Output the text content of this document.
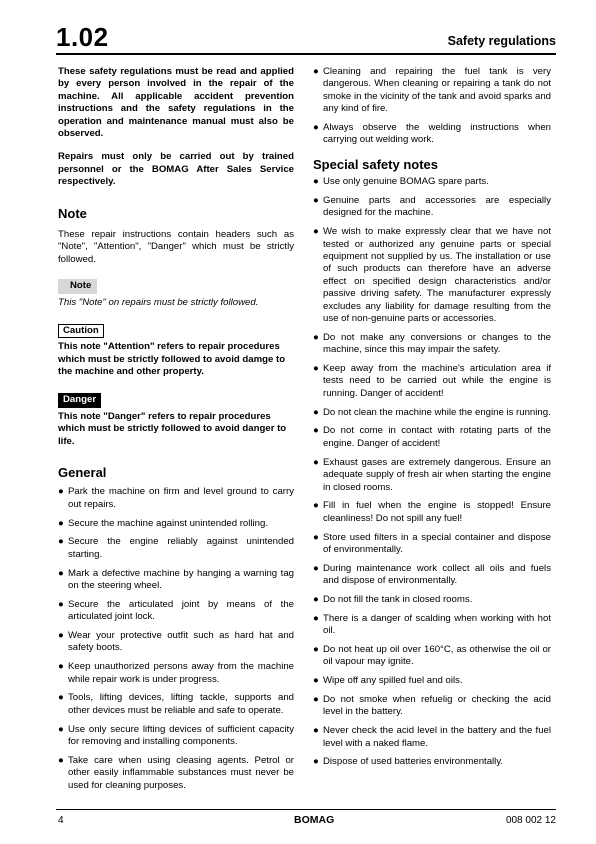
1.02	Safety regulations

These safety regulations must be read and applied by every person involved in the repair of the machine. All applicable accident prevention instructions and the safety regulations in the operation and maintenance manual must also be observed.

Repairs must only be carried out by trained personnel or the BOMAG After Sales Service respectively.

Note

These repair instructions contain headers such as "Note", "Attention", "Danger" which must be strictly followed.

Note

This "Note" on repairs must be strictly followed.

Caution

This note "Attention" refers to repair procedures which must be strictly followed to avoid damge to the machine and other property.

Danger

This note "Danger" refers to repair procedures which must be strictly followed to avoid danger to life.

General

● Park the machine on firm and level ground to carry out repairs.
● Secure the machine against unintended rolling.
● Secure the engine reliably against unintended starting.
● Mark a defective machine by hanging a warning tag on the steering wheel.
● Secure the articulated joint by means of the articulated joint lock.
● Wear your protective outfit such as hard hat and safety boots.
● Keep unauthorized persons away from the machine while repair work is under progress.
● Tools, lifting devices, lifting tackle, supports and other devices must be reliable and safe to operate.
● Use only secure lifting devices of sufficient capacity for removing and installing components.
● Take care when using cleasing agents. Petrol or other easily inflammable substances must never be used for cleaning purposes.
● Cleaning and repairing the fuel tank is very dangerous. When cleaning or repairing a tank do not smoke in the vicinity of the tank and avoid sparks and any kind of fire.
● Always observe the welding instructions when carrying out welding work.

Special safety notes

● Use only genuine BOMAG spare parts.
● Genuine parts and accessories are especially designed for the machine.
● We wish to make expressly clear that we have not tested or authorized any genuine parts or special equipment not supplied by us. The installation or use of such products can therefore have an adverse effect on specified design characteristics and/or passive driving safety. The manufacturer expressly excludes any liability for damage resulting from the use of non-genuine parts or accessories.
● Do not make any conversions or changes to the machine, since this may impair the safety.
● Keep away from the machine's articulation area if tests need to be carried out while the engine is running. Danger of accident!
● Do not clean the machine while the engine is running.
● Do not come in contact with rotating parts of the engine. Danger of accident!
● Exhaust gases are extremely dangerous. Ensure an adequate supply of fresh air when starting the engine in closed rooms.
● Fill in fuel when the engine is stopped! Ensure cleanliness! Do not spill any fuel!
● Store used filters in a special container and dispose of environmentally.
● During maintenance work collect all oils and fuels and dispose of environmentally.
● Do not fill the tank in closed rooms.
● There is a danger of scalding when working with hot oil.
● Do not heat up oil over 160°C, as otherwise the oil or oil vapour may ignite.
● Wipe off any spilled fuel and oils.
● Do not smoke when refuelig or checking the acid level in the battery.
● Never check the acid level in the battery and the fuel level with a naked flame.
● Dispose of used batteries environmentally.
4	BOMAG	008 002 12
